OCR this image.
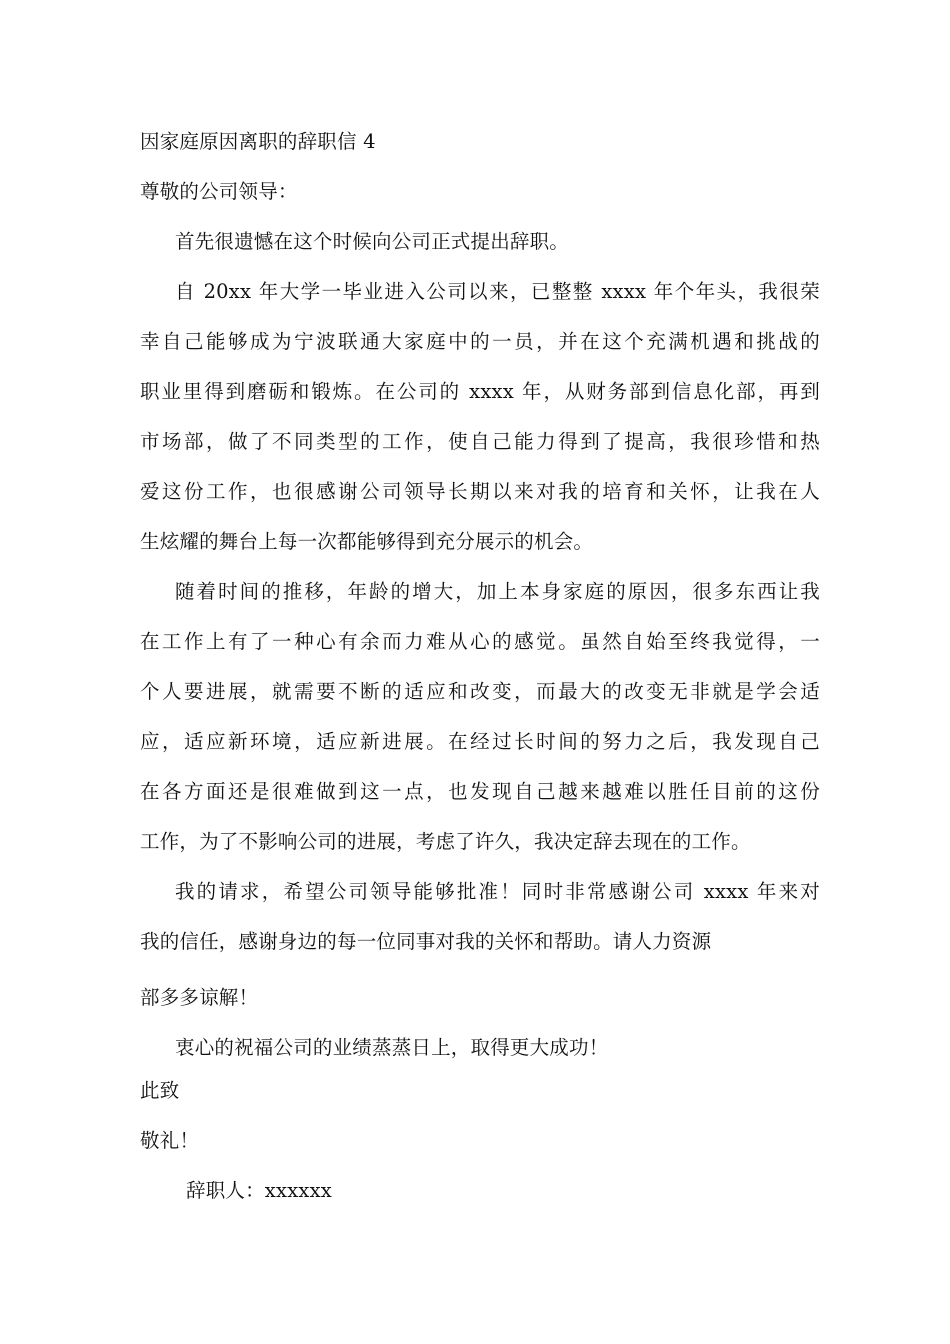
因家庭原因离职的辞职信 4
尊敬的公司领导：
首先很遗憾在这个时候向公司正式提出辞职。
自 20xx 年大学一毕业进入公司以来，已整整 xxxx 年个年头，我很荣
幸自己能够成为宁波联通大家庭中的一员，并在这个充满机遇和挑战的
职业里得到磨砺和锻炼。在公司的 xxxx 年，从财务部到信息化部，再到
市场部，做了不同类型的工作，使自己能力得到了提高，我很珍惜和热
爱这份工作，也很感谢公司领导长期以来对我的培育和关怀，让我在人
生炫耀的舞台上每一次都能够得到充分展示的机会。
随着时间的推移，年龄的增大，加上本身家庭的原因，很多东西让我
在工作上有了一种心有余而力难从心的感觉。虽然自始至终我觉得，一
个人要进展，就需要不断的适应和改变，而最大的改变无非就是学会适
应，适应新环境，适应新进展。在经过长时间的努力之后，我发现自己
在各方面还是很难做到这一点，也发现自己越来越难以胜任目前的这份
工作，为了不影响公司的进展，考虑了许久，我决定辞去现在的工作。
我的请求，希望公司领导能够批准！同时非常感谢公司 xxxx 年来对
我的信任，感谢身边的每一位同事对我的关怀和帮助。请人力资源
部多多谅解！
衷心的祝福公司的业绩蒸蒸日上，取得更大成功！
此致
敬礼！
辞职人：xxxxxx
